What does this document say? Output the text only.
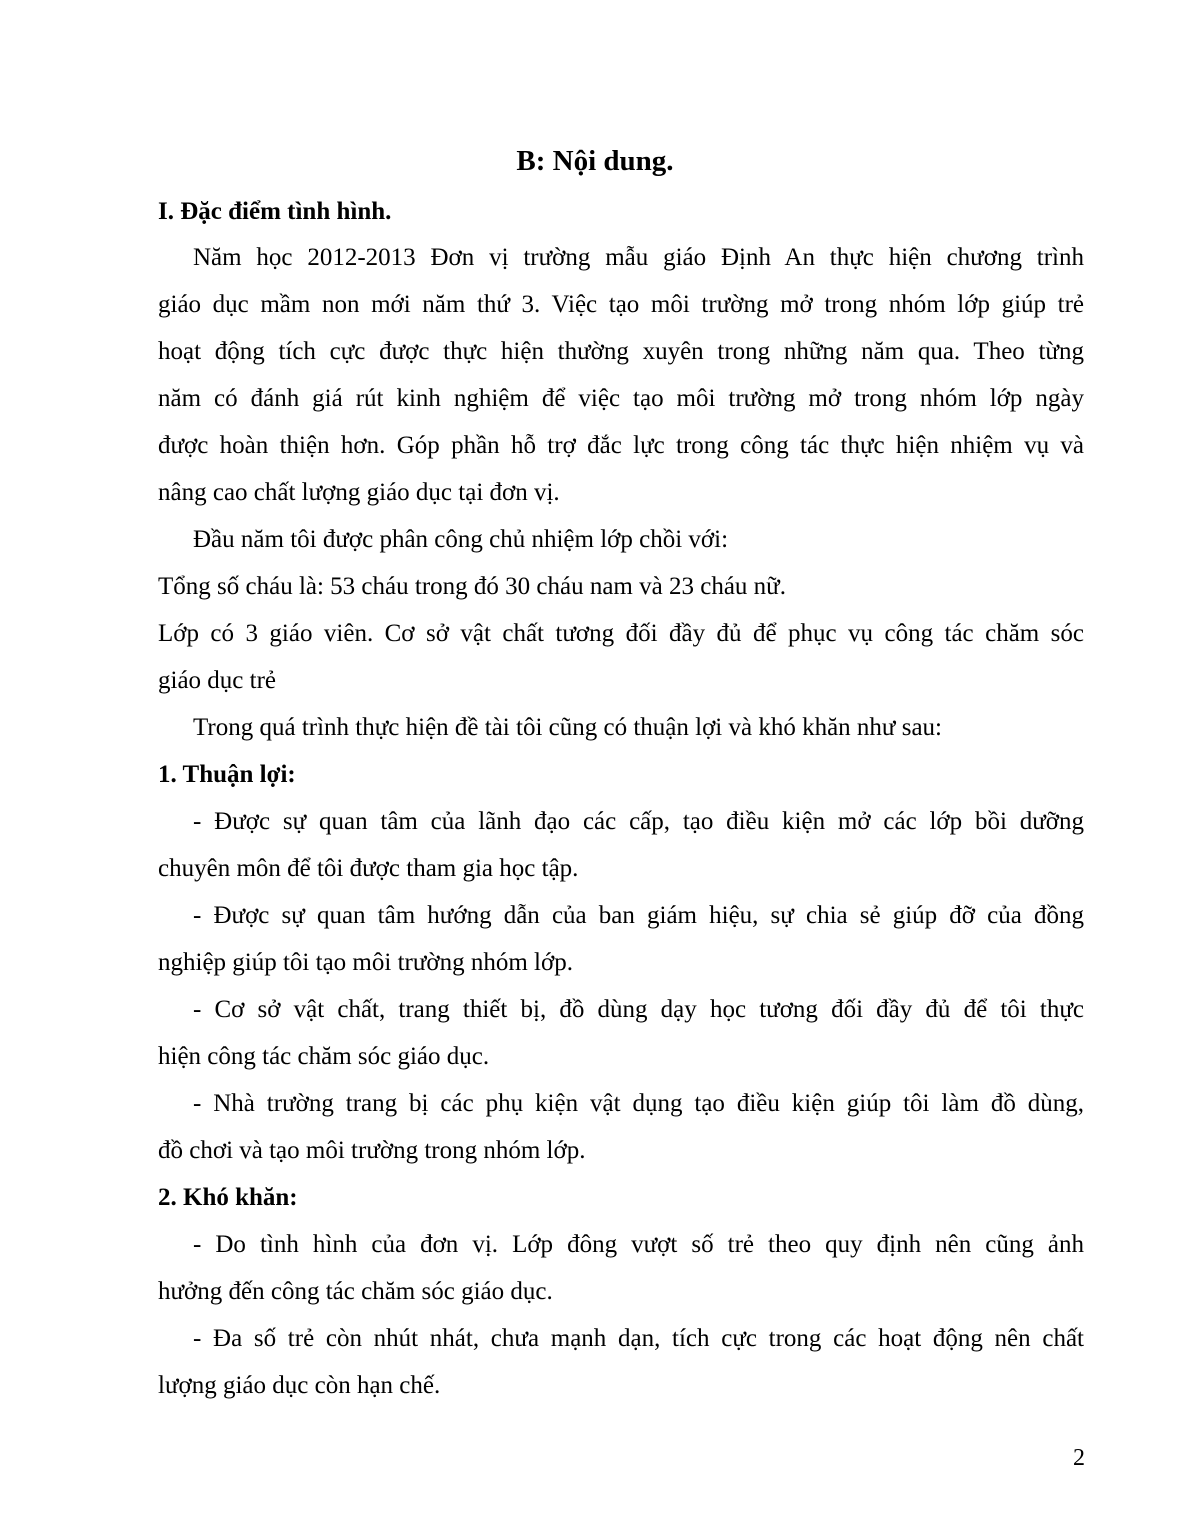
B: Nội dung.
I. Đặc điểm tình hình.
Năm học 2012-2013 Đơn vị trường mẫu giáo Định An thực hiện chương trình
giáo dục mầm non mới năm thứ 3. Việc tạo môi trường mở trong nhóm lớp giúp trẻ
hoạt động tích cực được thực hiện thường xuyên trong những năm qua. Theo từng
năm có đánh giá rút kinh nghiệm để việc tạo môi trường mở trong nhóm lớp ngày
được hoàn thiện hơn. Góp phần hỗ trợ đắc lực trong công tác thực hiện nhiệm vụ và
nâng cao chất lượng giáo dục tại đơn vị.
Đầu năm tôi được phân công chủ nhiệm lớp chồi với:
Tổng số cháu là: 53 cháu trong đó 30 cháu nam và 23 cháu nữ.
Lớp có 3 giáo viên. Cơ sở vật chất tương đối đầy đủ để phục vụ công tác chăm sóc
giáo dục trẻ
Trong quá trình thực hiện đề tài tôi cũng có thuận lợi và khó khăn như sau:
1. Thuận lợi:
- Được sự quan tâm của lãnh đạo các cấp, tạo điều kiện mở các lớp bồi dưỡng
chuyên môn để tôi được tham gia học tập.
- Được sự quan tâm hướng dẫn của ban giám hiệu, sự chia sẻ giúp đỡ của đồng
nghiệp giúp tôi tạo môi trường nhóm lớp.
- Cơ sở vật chất, trang thiết bị, đồ dùng dạy học tương đối đầy đủ để tôi thực
hiện công tác chăm sóc giáo dục.
- Nhà trường trang bị các phụ kiện vật dụng tạo điều kiện giúp tôi làm đồ dùng,
đồ chơi và tạo môi trường trong nhóm lớp.
2. Khó khăn:
- Do tình hình của đơn vị. Lớp đông vượt số trẻ theo quy định nên cũng ảnh
hưởng đến công tác chăm sóc giáo dục.
- Đa số trẻ còn nhút nhát, chưa mạnh dạn, tích cực trong các hoạt động nên chất
lượng giáo dục còn hạn chế.
2
